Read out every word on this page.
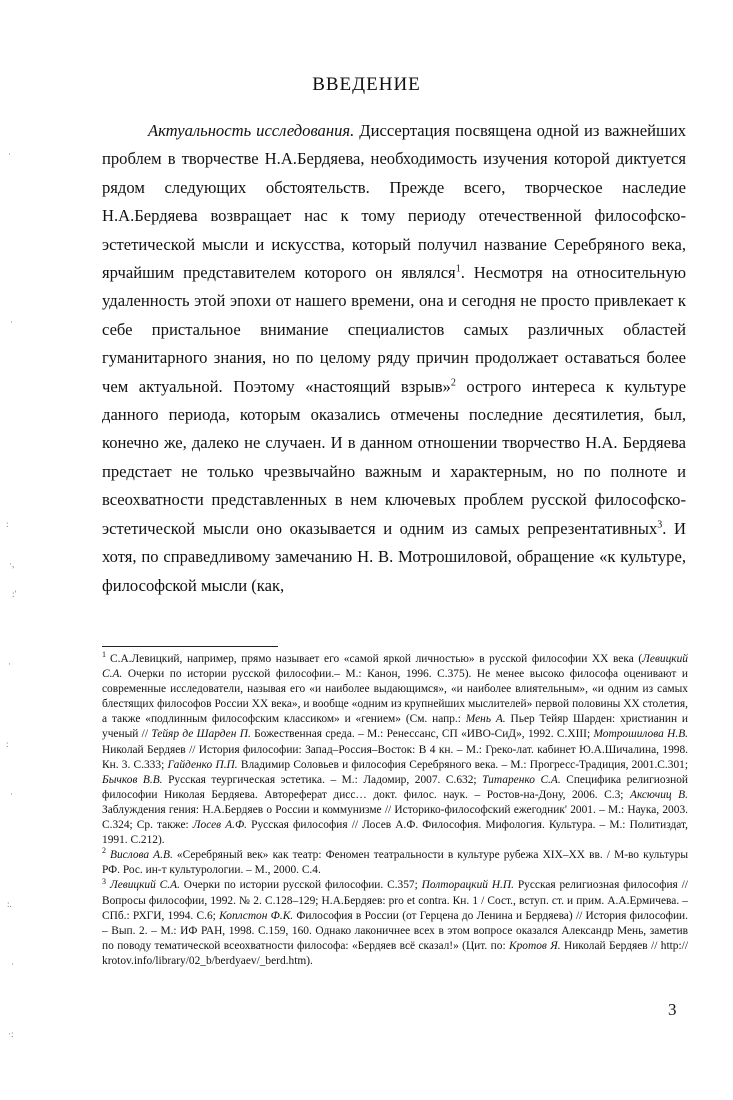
ВВЕДЕНИЕ

Актуальность исследования. Диссертация посвящена одной из важнейших проблем в творчестве Н.А.Бердяева, необходимость изучения которой диктуется рядом следующих обстоятельств. Прежде всего, творческое наследие Н.А.Бердяева возвращает нас к тому периоду отечественной философско-эстетической мысли и искусства, который получил название Серебряного века, ярчайшим представителем которого он являлся$^1$. Несмотря на относительную удаленность этой эпохи от нашего времени, она и сегодня не просто привлекает к себе пристальное внимание специалистов самых различных областей гуманитарного знания, но по целому ряду причин продолжает оставаться более чем актуальной. Поэтому «настоящий взрыв»$^2$ острого интереса к культуре данного периода, которым оказались отмечены последние десятилетия, был, конечно же, далеко не случаен. И в данном отношении творчество Н.А. Бердяева предстает не только чрезвычайно важным и характерным, но по полноте и всеохватности представленных в нем ключевых проблем русской философско-эстетической мысли оно оказывается и одним из самых репрезентативных$^3$. И хотя, по справедливому замечанию Н. В. Мотрошиловой, обращение «к культуре, философской мысли (как,

$^1$ С.А.Левицкий, например, прямо называет его «самой яркой личностью» в русской философии XX века (Левицкий С.А. Очерки по истории русской философии.– М.: Канон, 1996. С.375). Не менее высоко философа оценивают и современные исследователи, называя его «и наиболее выдающимся», «и наиболее влиятельным», «и одним из самых блестящих философов России XX века», и вообще «одним из крупнейших мыслителей» первой половины XX столетия, а также «подлинным философским классиком» и «гением» (См. напр.: Мень А. Пьер Тейяр Шарден: христианин и ученый // Тейяр де Шарден П. Божественная среда. – М.: Ренессанс, СП «ИВО-СиД», 1992. С.XIII; Мотрошилова Н.В. Николай Бердяев // История философии: Запад–Россия–Восток: В 4 кн. – М.: Греко-лат. кабинет Ю.А.Шичалина, 1998. Кн. 3. С.333; Гайденко П.П. Владимир Соловьев и философия Серебряного века. – М.: Прогресс-Традиция, 2001.С.301; Бычков В.В. Русская теургическая эстетика. – М.: Ладомир, 2007. С.632; Титаренко С.А. Специфика религиозной философии Николая Бердяева. Автореферат дисс… докт. филос. наук. – Ростов-на-Дону, 2006. С.3; Аксючиц В. Заблуждения гения: Н.А.Бердяев о России и коммунизме // Историко-философский ежегодник' 2001. – М.: Наука, 2003. С.324; Ср. также: Лосев А.Ф. Русская философия // Лосев А.Ф. Философия. Мифология. Культура. – М.: Политиздат, 1991. С.212).

$^2$ Вислова А.В. «Серебряный век» как театр: Феномен театральности в культуре рубежа XIX–XX вв. / М-во культуры РФ. Рос. ин-т культурологии. – М., 2000. С.4.

$^3$ Левицкий С.А. Очерки по истории русской философии. С.357; Полторацкий Н.П. Русская религиозная философия // Вопросы философии, 1992. № 2. С.128–129; Н.А.Бердяев: pro et contra. Кн. 1 / Сост., вступ. ст. и прим. А.А.Ермичева. – СПб.: РХГИ, 1994. С.6; Коплстон Ф.К. Философия в России (от Герцена до Ленина и Бердяева) // История философии. – Вып. 2. – М.: ИФ РАН, 1998. С.159, 160. Однако лаконичнее всех в этом вопросе оказался Александр Мень, заметив по поводу тематической всеохватности философа: «Бердяев всё сказал!» (Цит. по: Кротов Я. Николай Бердяев // http:// krotov.info/library/02_b/berdyaev/_berd.htm).

3
·
·
:
·,
:'
·
:
·
:.
·
·:
